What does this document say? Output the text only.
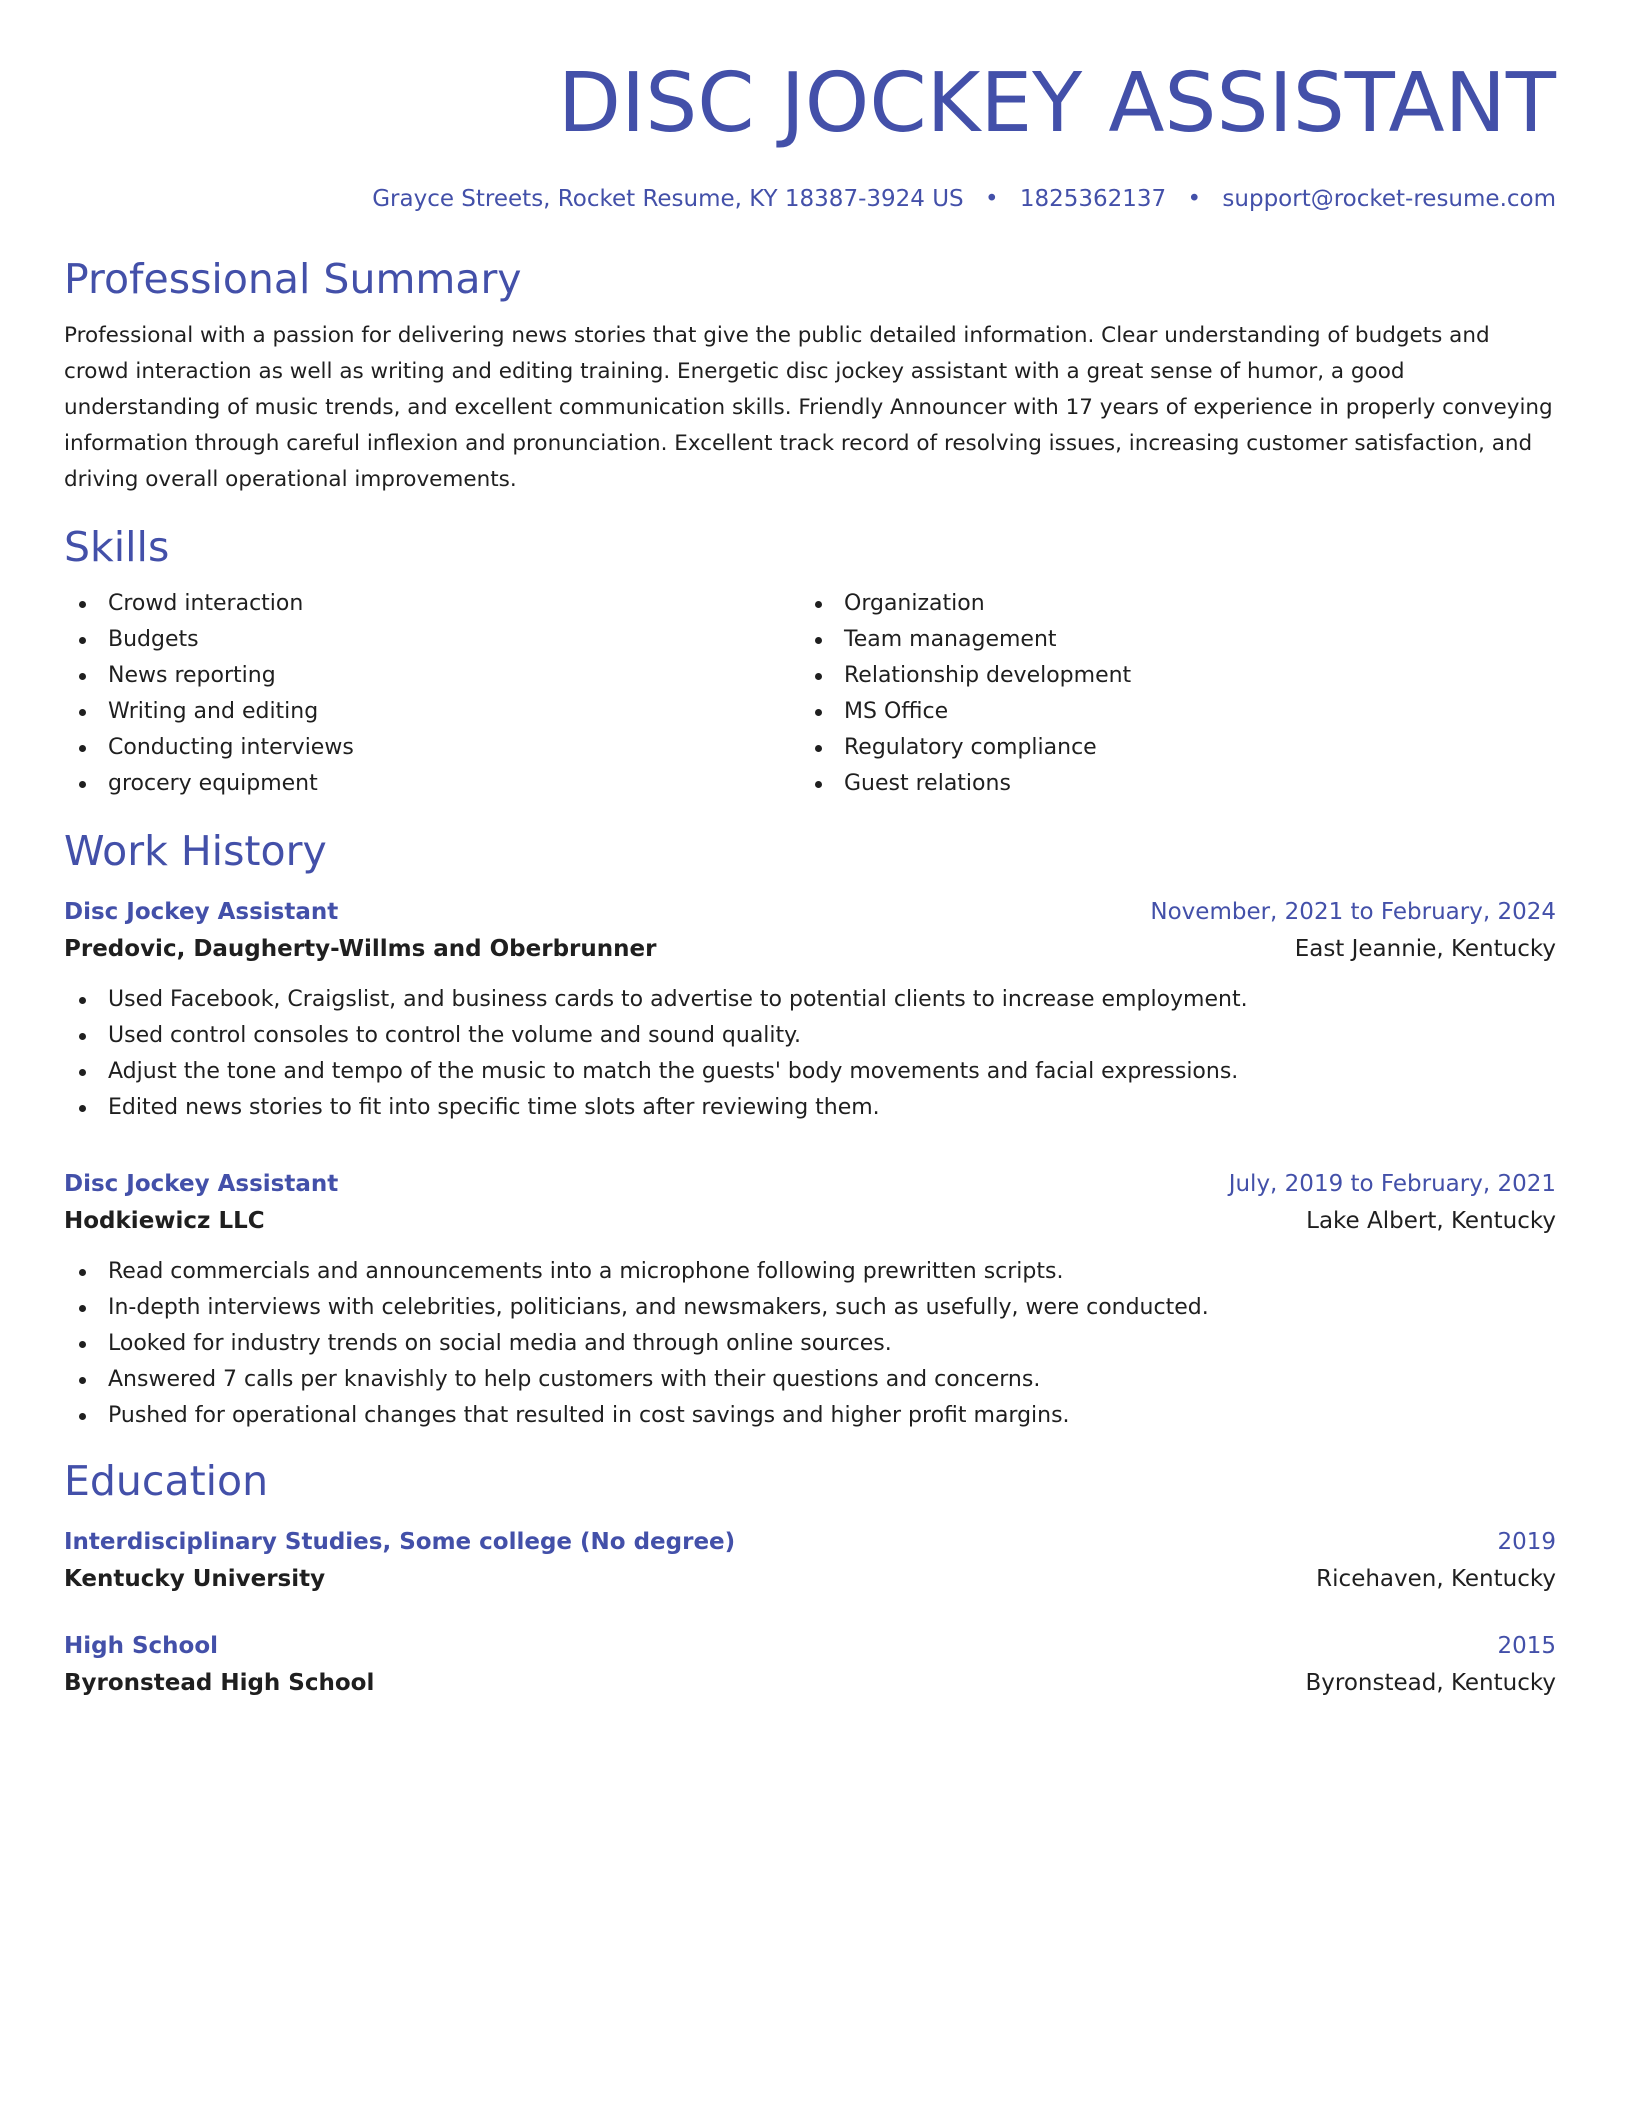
DISC JOCKEY ASSISTANT
Grayce Streets, Rocket Resume, KY 18387-3924 US • 1825362137 • support@rocket-resume.com
Professional Summary
Professional with a passion for delivering news stories that give the public detailed information. Clear understanding of budgets and crowd interaction as well as writing and editing training. Energetic disc jockey assistant with a great sense of humor, a good understanding of music trends, and excellent communication skills. Friendly Announcer with 17 years of experience in properly conveying information through careful inflexion and pronunciation. Excellent track record of resolving issues, increasing customer satisfaction, and driving overall operational improvements.
Skills
Crowd interaction
Budgets
News reporting
Writing and editing
Conducting interviews
grocery equipment
Organization
Team management
Relationship development
MS Office
Regulatory compliance
Guest relations
Work History
Disc Jockey Assistant	November, 2021 to February, 2024
Predovic, Daugherty-Willms and Oberbrunner	East Jeannie, Kentucky
Used Facebook, Craigslist, and business cards to advertise to potential clients to increase employment.
Used control consoles to control the volume and sound quality.
Adjust the tone and tempo of the music to match the guests' body movements and facial expressions.
Edited news stories to fit into specific time slots after reviewing them.
Disc Jockey Assistant	July, 2019 to February, 2021
Hodkiewicz LLC	Lake Albert, Kentucky
Read commercials and announcements into a microphone following prewritten scripts.
In-depth interviews with celebrities, politicians, and newsmakers, such as usefully, were conducted.
Looked for industry trends on social media and through online sources.
Answered 7 calls per knavishly to help customers with their questions and concerns.
Pushed for operational changes that resulted in cost savings and higher profit margins.
Education
Interdisciplinary Studies, Some college (No degree)	2019
Kentucky University	Ricehaven, Kentucky
High School	2015
Byronstead High School	Byronstead, Kentucky
